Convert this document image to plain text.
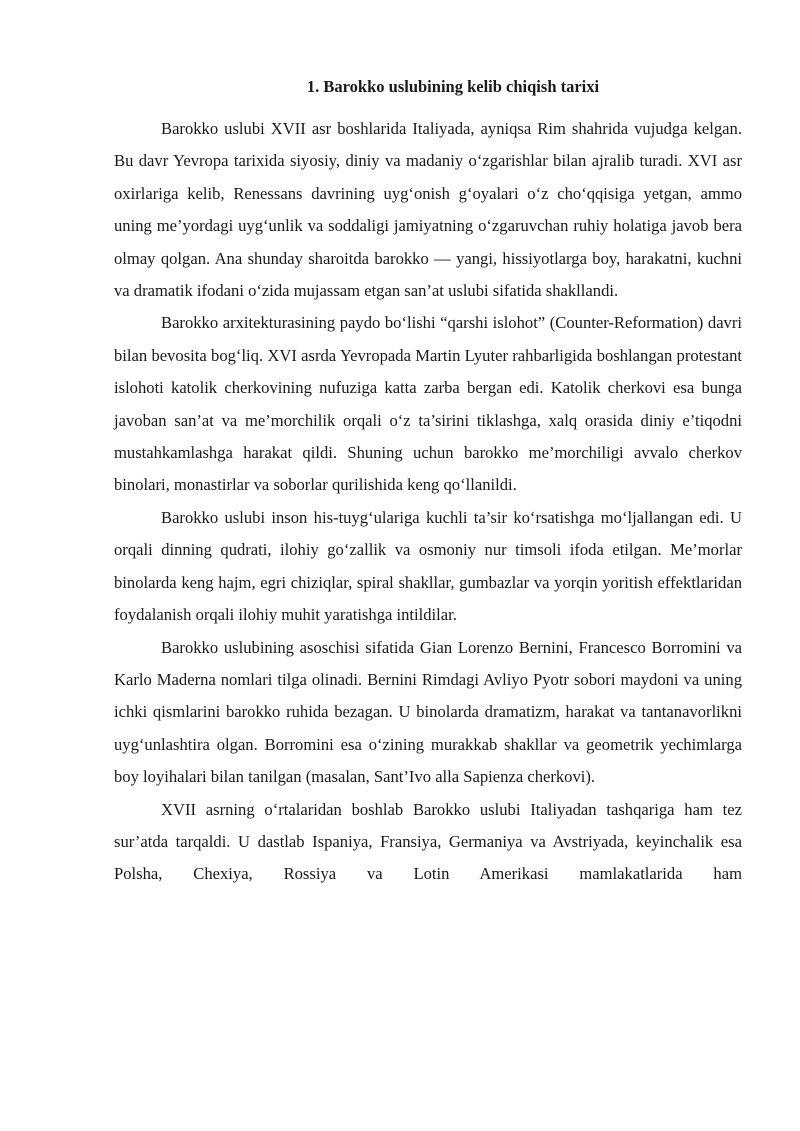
1. Barokko uslubining kelib chiqish tarixi

Barokko uslubi XVII asr boshlarida Italiyada, ayniqsa Rim shahrida vujudga kelgan. Bu davr Yevropa tarixida siyosiy, diniy va madaniy o‘zgarishlar bilan ajralib turadi. XVI asr oxirlariga kelib, Renessans davrining uyg‘onish g‘oyalari o‘z cho‘qqisiga yetgan, ammo uning me’yordagi uyg‘unlik va soddaligi jamiyatning o‘zgaruvchan ruhiy holatiga javob bera olmay qolgan. Ana shunday sharoitda barokko — yangi, hissiyotlarga boy, harakatni, kuchni va dramatik ifodani o‘zida mujassam etgan san’at uslubi sifatida shakllandi.

Barokko arxitekturasining paydo bo‘lishi “qarshi islohot” (Counter-Reformation) davri bilan bevosita bog‘liq. XVI asrda Yevropada Martin Lyuter rahbarligida boshlangan protestant islohoti katolik cherkovining nufuziga katta zarba bergan edi. Katolik cherkovi esa bunga javoban san’at va me’morchilik orqali o‘z ta’sirini tiklashga, xalq orasida diniy e’tiqodni mustahkamlashga harakat qildi. Shuning uchun barokko me’morchiligi avvalo cherkov binolari, monastirlar va soborlar qurilishida keng qo‘llanildi.

Barokko uslubi inson his-tuyg‘ulariga kuchli ta’sir ko‘rsatishga mo‘ljallangan edi. U orqali dinning qudrati, ilohiy go‘zallik va osmoniy nur timsoli ifoda etilgan. Me’morlar binolarda keng hajm, egri chiziqlar, spiral shakllar, gumbazlar va yorqin yoritish effektlaridan foydalanish orqali ilohiy muhit yaratishga intildilar.

Barokko uslubining asoschisi sifatida Gian Lorenzo Bernini, Francesco Borromini va Karlo Maderna nomlari tilga olinadi. Bernini Rimdagi Avliyo Pyotr sobori maydoni va uning ichki qismlarini barokko ruhida bezagan. U binolarda dramatizm, harakat va tantanavorlikni uyg‘unlashtira olgan. Borromini esa o‘zining murakkab shakllar va geometrik yechimlarga boy loyihalari bilan tanilgan (masalan, Sant’Ivo alla Sapienza cherkovi).

XVII asrning o‘rtalaridan boshlab Barokko uslubi Italiyadan tashqariga ham tez sur’atda tarqaldi. U dastlab Ispaniya, Fransiya, Germaniya va Avstriyada, keyinchalik esa Polsha, Chexiya, Rossiya va Lotin Amerikasi mamlakatlarida ham
